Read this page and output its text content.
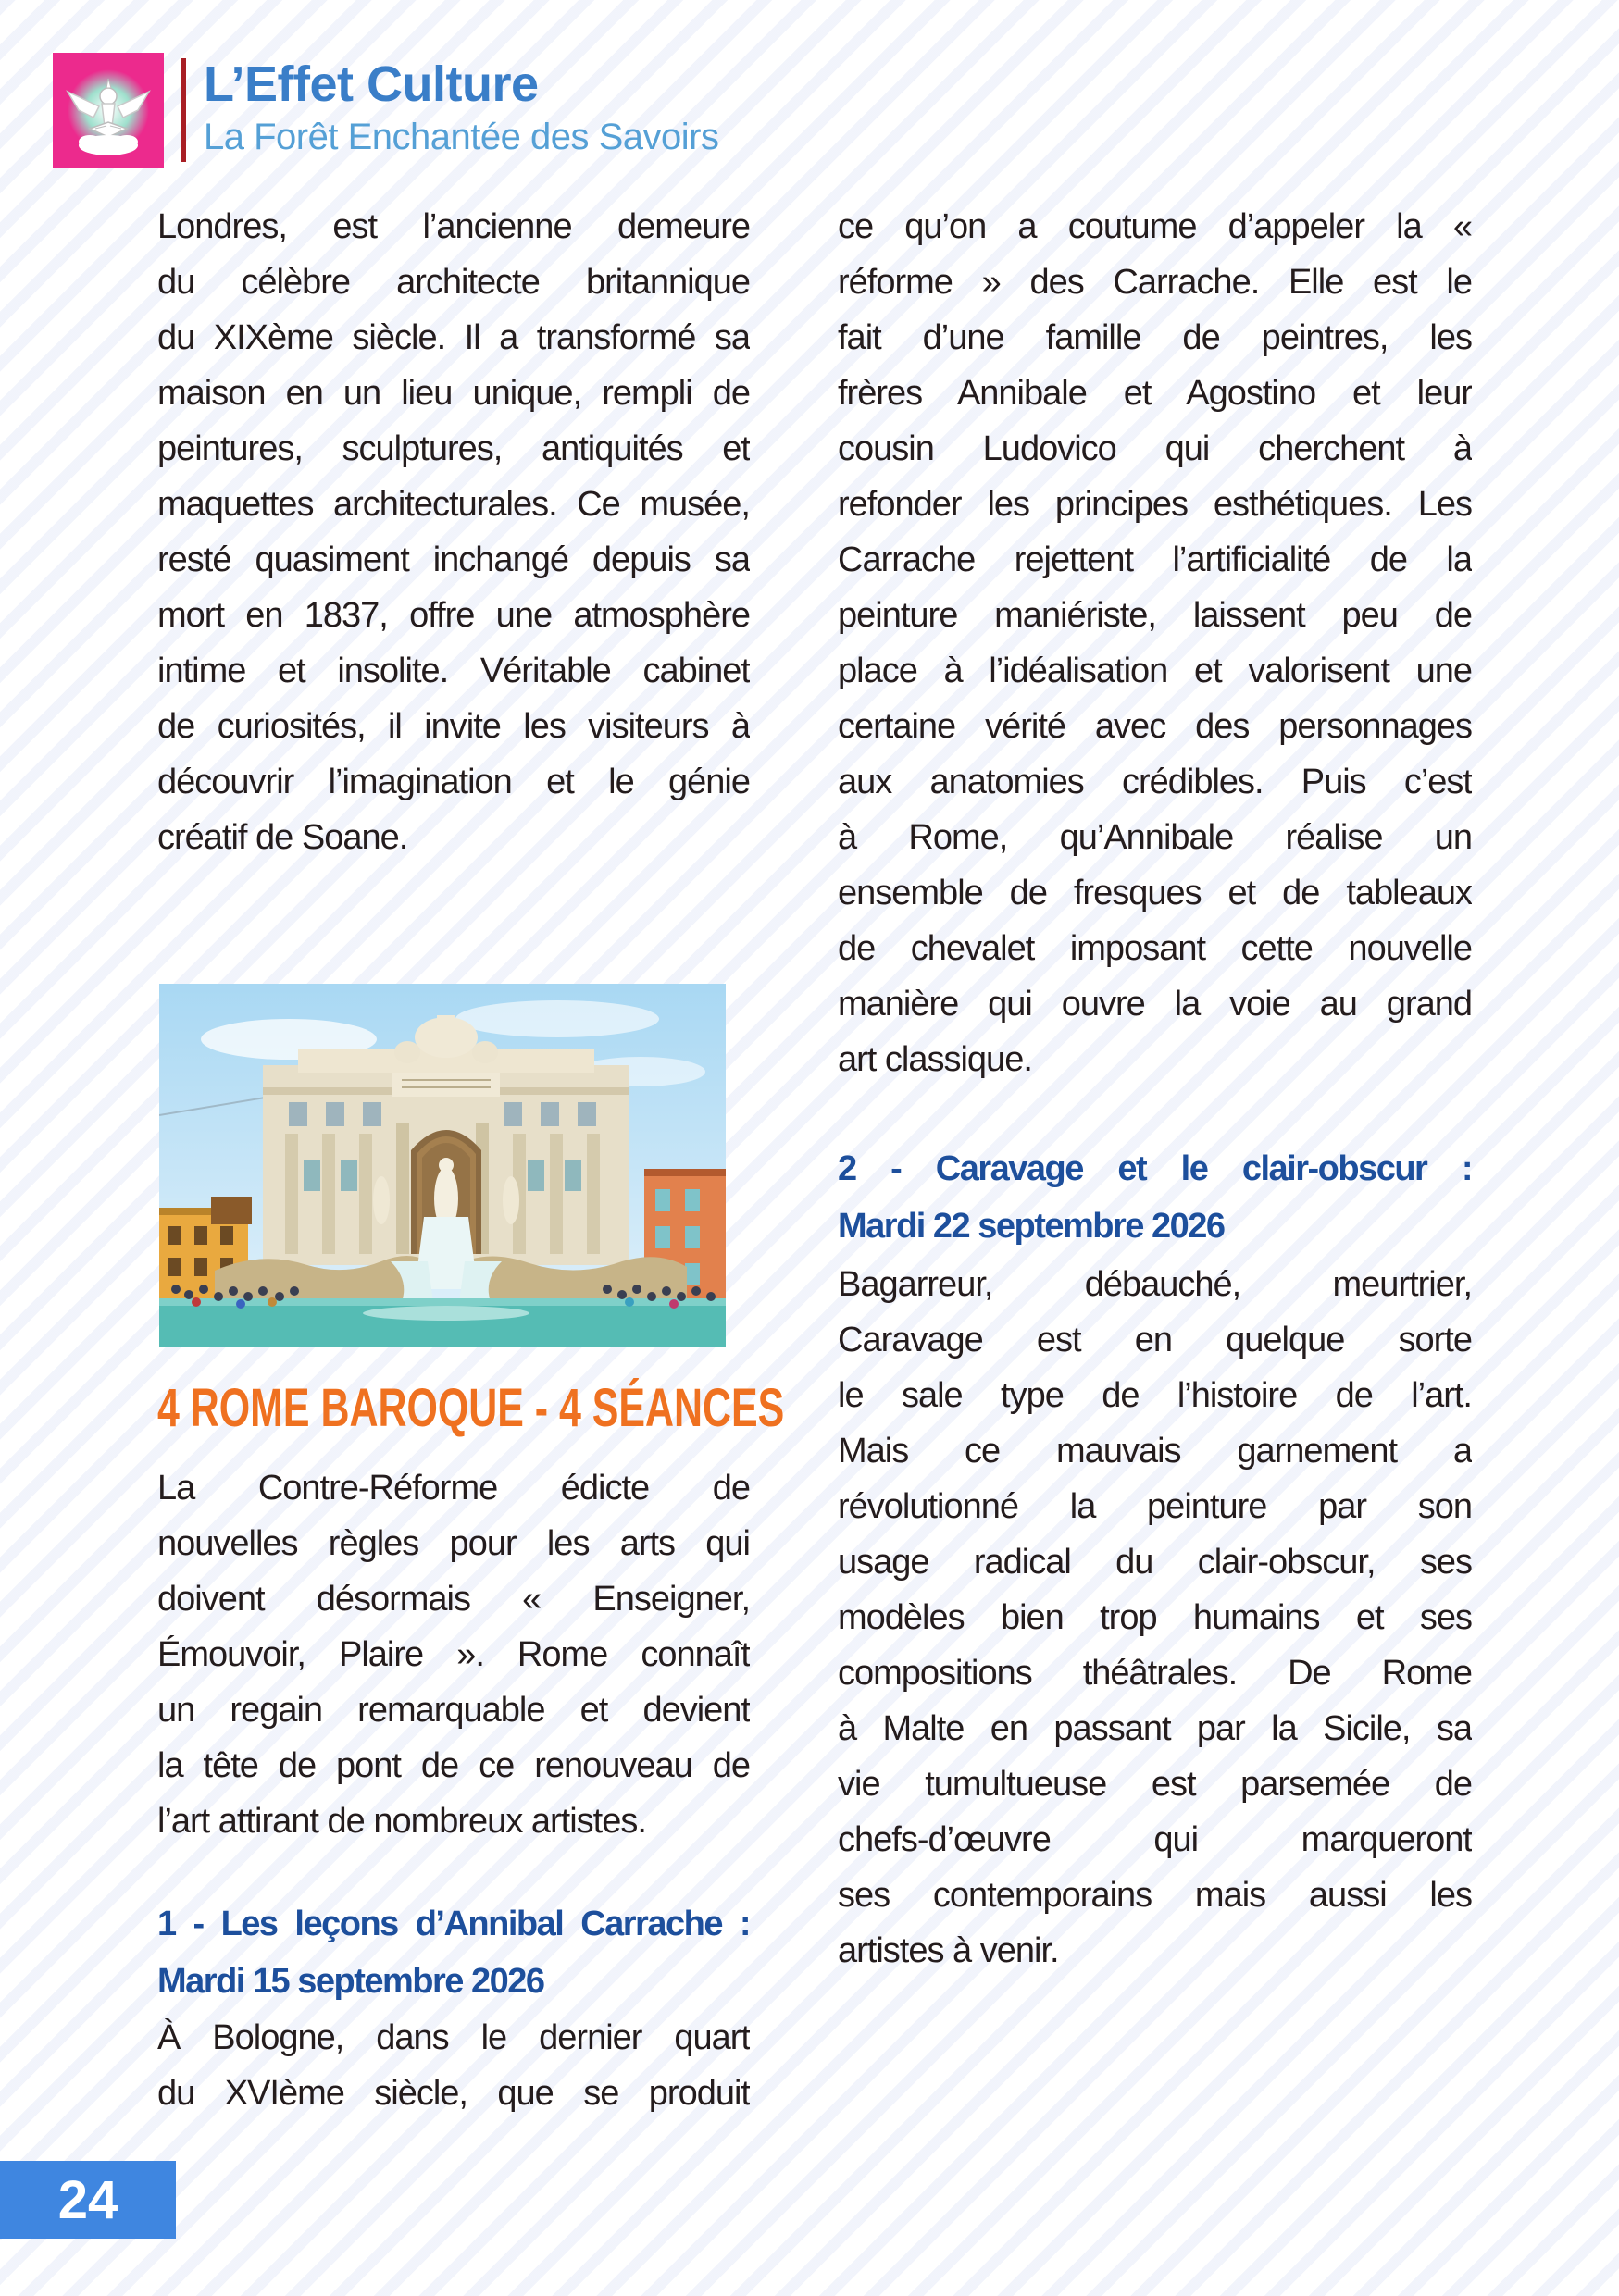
L’Effet Culture
La Forêt Enchantée des Savoirs
Londres, est l’ancienne demeure
du célèbre architecte britannique
du XIXème siècle. Il a transformé sa
maison en un lieu unique, rempli de
peintures, sculptures, antiquités et
maquettes architecturales. Ce musée,
resté quasiment inchangé depuis sa
mort en 1837, offre une atmosphère
intime et insolite. Véritable cabinet
de curiosités, il invite les visiteurs à
découvrir l’imagination et le génie
créatif de Soane.
4 ROME BAROQUE - 4 SÉANCES
La Contre-Réforme édicte de
nouvelles règles pour les arts qui
doivent désormais « Enseigner,
Émouvoir, Plaire ». Rome connaît
un regain remarquable et devient
la tête de pont de ce renouveau de
l’art attirant de nombreux artistes.
1 - Les leçons d’Annibal Carrache :
Mardi 15 septembre 2026
À Bologne, dans le dernier quart
du XVIème siècle, que se produit
ce qu’on a coutume d’appeler la «
réforme » des Carrache. Elle est le
fait d’une famille de peintres, les
frères Annibale et Agostino et leur
cousin Ludovico qui cherchent à
refonder les principes esthétiques. Les
Carrache rejettent l’artificialité de la
peinture maniériste, laissent peu de
place à l’idéalisation et valorisent une
certaine vérité avec des personnages
aux anatomies crédibles. Puis c’est
à Rome, qu’Annibale réalise un
ensemble de fresques et de tableaux
de chevalet imposant cette nouvelle
manière qui ouvre la voie au grand
art classique.
2 - Caravage et le clair-obscur :
Mardi 22 septembre 2026
Bagarreur, débauché, meurtrier,
Caravage est en quelque sorte
le sale type de l’histoire de l’art.
Mais ce mauvais garnement a
révolutionné la peinture par son
usage radical du clair-obscur, ses
modèles bien trop humains et ses
compositions théâtrales. De Rome
à Malte en passant par la Sicile, sa
vie tumultueuse est parsemée de
chefs-d’œuvre qui marqueront
ses contemporains mais aussi les
artistes à venir.
24
